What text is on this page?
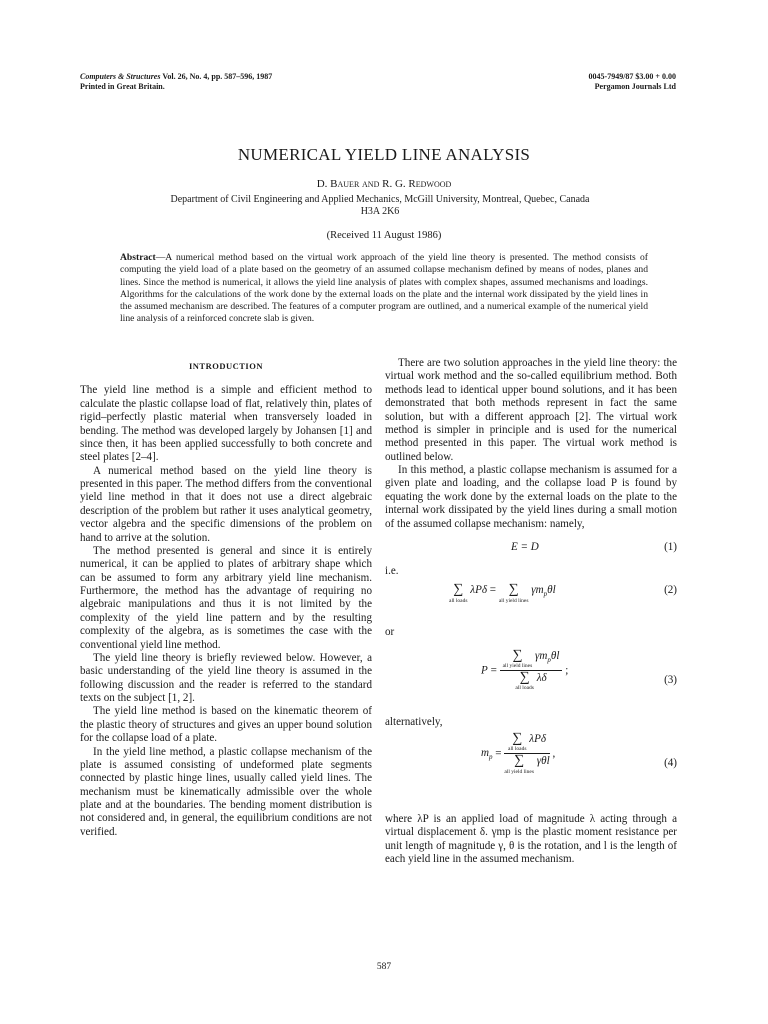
Computers & Structures Vol. 26, No. 4, pp. 587–596, 1987
Printed in Great Britain.
0045-7949/87 $3.00 + 0.00
Pergamon Journals Ltd
NUMERICAL YIELD LINE ANALYSIS
D. Bauer and R. G. Redwood
Department of Civil Engineering and Applied Mechanics, McGill University, Montreal, Quebec, Canada H3A 2K6
(Received 11 August 1986)
Abstract—A numerical method based on the virtual work approach of the yield line theory is presented. The method consists of computing the yield load of a plate based on the geometry of an assumed collapse mechanism defined by means of nodes, planes and lines. Since the method is numerical, it allows the yield line analysis of plates with complex shapes, assumed mechanisms and loadings. Algorithms for the calculations of the work done by the external loads on the plate and the internal work dissipated by the yield lines in the assumed mechanism are described. The features of a computer program are outlined, and a numerical example of the numerical yield line analysis of a reinforced concrete slab is given.
INTRODUCTION

The yield line method is a simple and efficient method to calculate the plastic collapse load of flat, relatively thin, plates of rigid–perfectly plastic material when transversely loaded in bending. The method was developed largely by Johansen [1] and since then, it has been applied successfully to both concrete and steel plates [2–4].

A numerical method based on the yield line theory is presented in this paper. The method differs from the conventional yield line method in that it does not use a direct algebraic description of the problem but rather it uses analytical geometry, vector algebra and the specific dimensions of the problem on hand to arrive at the solution.

The method presented is general and since it is entirely numerical, it can be applied to plates of arbitrary shape which can be assumed to form any arbitrary yield line mechanism. Furthermore, the method has the advantage of requiring no algebraic manipulations and thus it is not limited by the complexity of the yield line pattern and by the resulting complexity of the algebra, as is sometimes the case with the conventional yield line method.

The yield line theory is briefly reviewed below. However, a basic understanding of the yield line theory is assumed in the following discussion and the reader is referred to the standard texts on the subject [1, 2].

The yield line method is based on the kinematic theorem of the plastic theory of structures and gives an upper bound solution for the collapse load of a plate.

In the yield line method, a plastic collapse mechanism of the plate is assumed consisting of undeformed plate segments connected by plastic hinge lines, usually called yield lines. The mechanism must be kinematically admissible over the whole plate and at the boundaries. The bending moment distribution is not considered and, in general, the equilibrium conditions are not verified.

There are two solution approaches in the yield line theory: the virtual work method and the so-called equilibrium method. Both methods lead to identical upper bound solutions, and it has been demonstrated that both methods represent in fact the same solution, but with a different approach [2]. The virtual work method is simpler in principle and is used for the numerical method presented in this paper. The virtual work method is outlined below.

In this method, a plastic collapse mechanism is assumed for a given plate and loading, and the collapse load P is found by equating the work done by the external loads on the plate to the internal work dissipated by the yield lines during a small motion of the assumed collapse mechanism: namely,

E = D	(1)

i.e.

∑
all loads
λPδ = ∑
all yield lines
$\gamma m_p\theta l$	(2)

or

P = ∑
all yield lines
$\gamma m_p\theta l$
∑
all loads
λδ ;
(3)

alternatively,

$m_p$ = ∑
all loads
λPδ
∑
all yield lines
γθl ,
(4)

where λP is an applied load of magnitude λ acting through a virtual displacement δ. γmp is the plastic moment resistance per unit length of magnitude γ, θ is the rotation, and l is the length of each yield line in the assumed mechanism.

587
